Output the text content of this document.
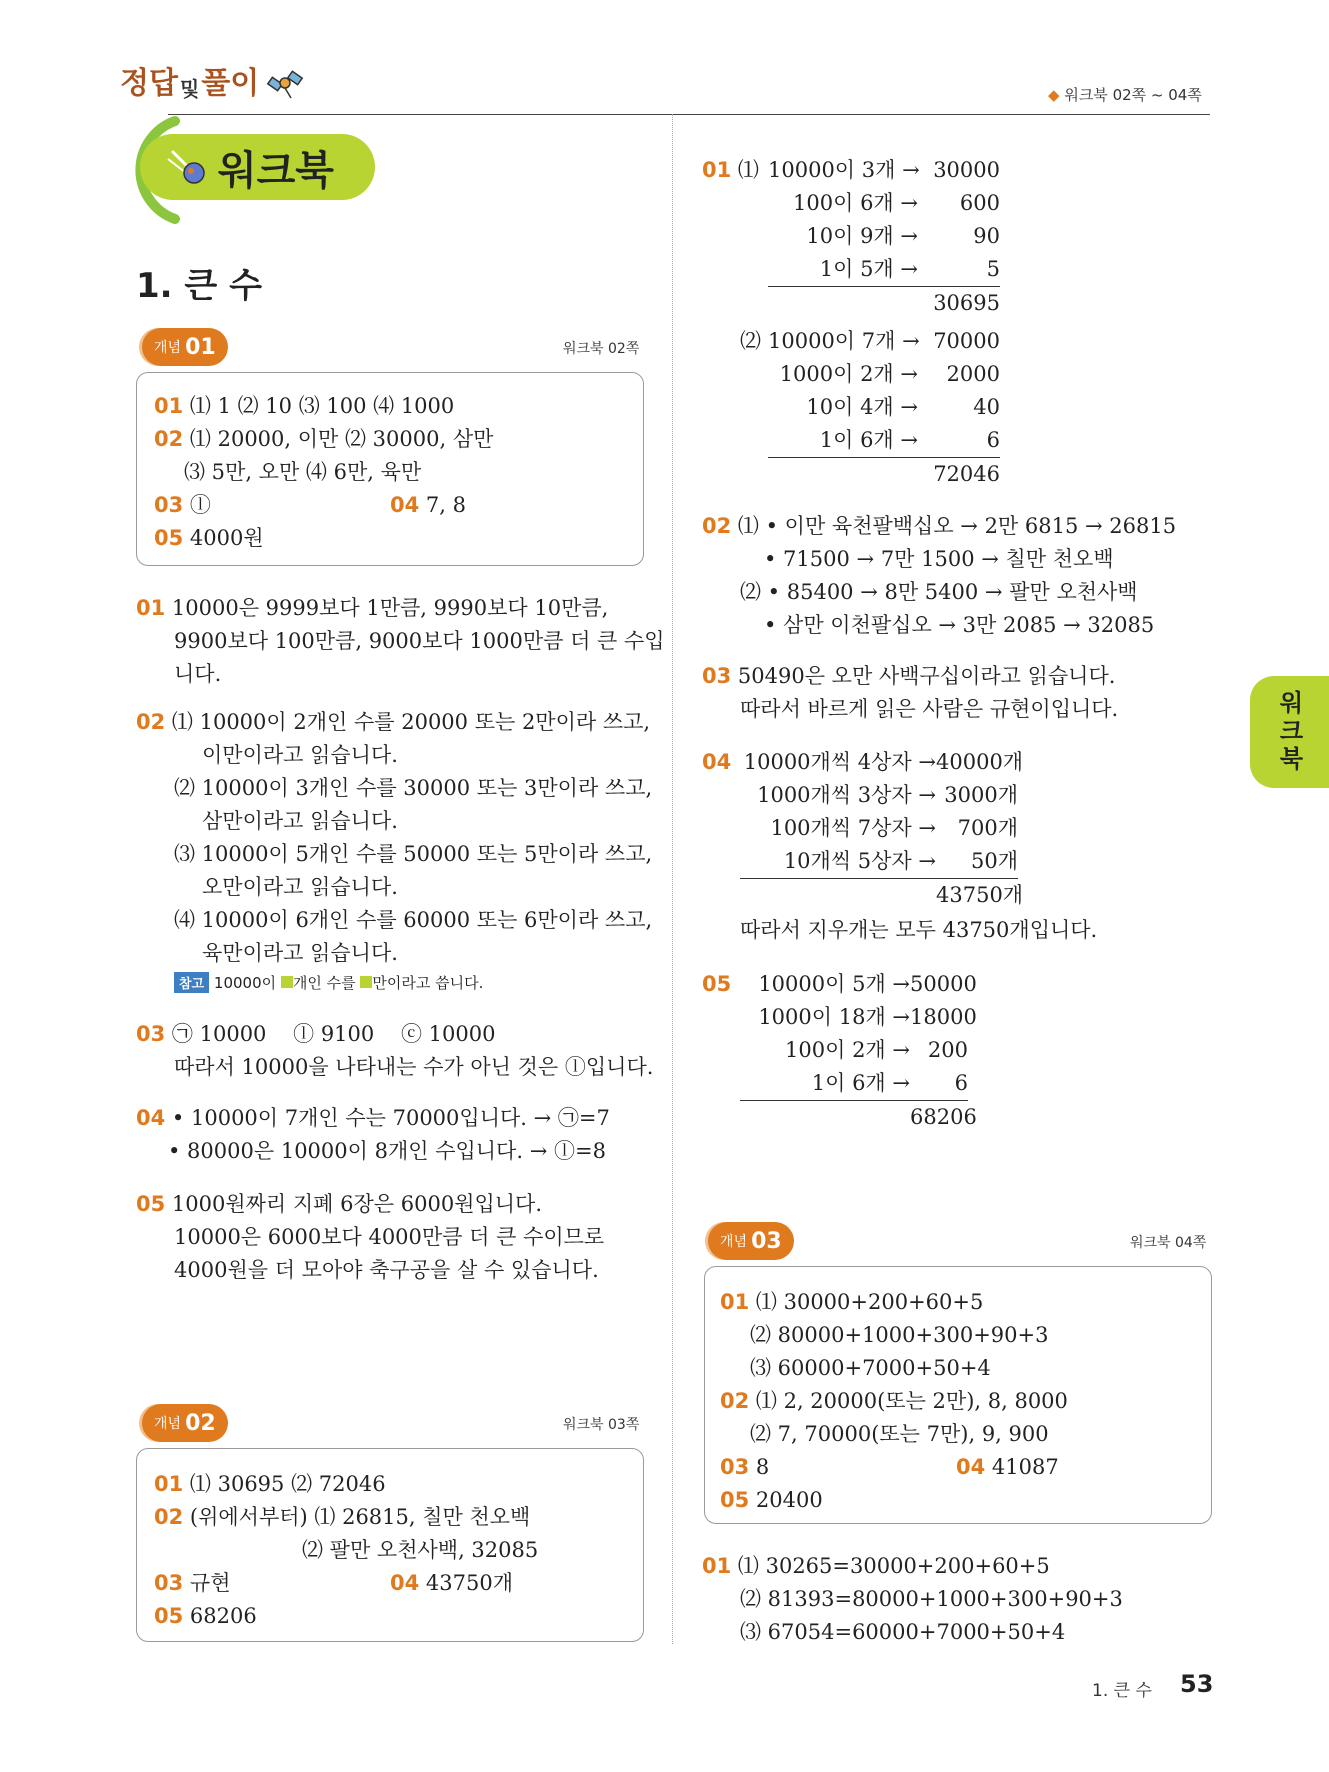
정답 및 풀이	◆ 워크북 02쪽 ~ 04쪽
워크북
1. 큰 수
워크북
개념 01	워크북 02쪽
01 ⑴ 1 ⑵ 10 ⑶ 100 ⑷ 1000
02 ⑴ 20000, 이만 ⑵ 30000, 삼만
⑶ 5만, 오만 ⑷ 6만, 육만
03 ⓛ	04 7, 8
05 4000원
01 10000은 9999보다 1만큼, 9990보다 10만큼,
9900보다 100만큼, 9000보다 1000만큼 더 큰 수입
니다.
02 ⑴ 10000이 2개인 수를 20000 또는 2만이라 쓰고,
이만이라고 읽습니다.
⑵ 10000이 3개인 수를 30000 또는 3만이라 쓰고,
삼만이라고 읽습니다.
⑶ 10000이 5개인 수를 50000 또는 5만이라 쓰고,
오만이라고 읽습니다.
⑷ 10000이 6개인 수를 60000 또는 6만이라 쓰고,
육만이라고 읽습니다.
참고 10000이 개인 수를 만이라고 씁니다.
03 ㉠ 10000 ⓛ 9100 ⓒ 10000
따라서 10000을 나타내는 수가 아닌 것은 ⓛ입니다.
04 • 10000이 7개인 수는 70000입니다. → ㉠=7
• 80000은 10000이 8개인 수입니다. → ⓛ=8
05 1000원짜리 지폐 6장은 6000원입니다.
10000은 6000보다 4000만큼 더 큰 수이므로
4000원을 더 모아야 축구공을 살 수 있습니다.
개념 02	워크북 03쪽
01 ⑴ 30695 ⑵ 72046
02 (위에서부터) ⑴ 26815, 칠만 천오백
⑵ 팔만 오천사백, 32085
03 규현	04 43750개
05 68206
01 ⑴ 10000이 3개 → 30000
100이 6개 →	600
10이 9개 →	90
1이 5개 →	5
30695
⑵ 10000이 7개 → 70000
1000이 2개 →	2000
10이 4개 →	40
1이 6개 →	6
72046
02 ⑴ • 이만 육천팔백십오 → 2만 6815 → 26815
• 71500 → 7만 1500 → 칠만 천오백
⑵ • 85400 → 8만 5400 → 팔만 오천사백
• 삼만 이천팔십오 → 3만 2085 → 32085
03 50490은 오만 사백구십이라고 읽습니다.
따라서 바르게 읽은 사람은 규현이입니다.
04 10000개씩 4상자 → 40000개
1000개씩 3상자 → 3000개
100개씩 7상자 →	700개
10개씩 5상자 →	50개
43750개
따라서 지우개는 모두 43750개입니다.
05	10000이 5개 → 50000
1000이 18개 → 18000
100이 2개 → 200
1이 6개 →	6
68206
개념 03	워크북 04쪽
01 ⑴ 30000+200+60+5
⑵ 80000+1000+300+90+3
⑶ 60000+7000+50+4
02 ⑴ 2, 20000(또는 2만), 8, 8000
⑵ 7, 70000(또는 7만), 9, 900
03 8	04 41087
05 20400
01 ⑴ 30265=30000+200+60+5
⑵ 81393=80000+1000+300+90+3
⑶ 67054=60000+7000+50+4
1. 큰 수 53
